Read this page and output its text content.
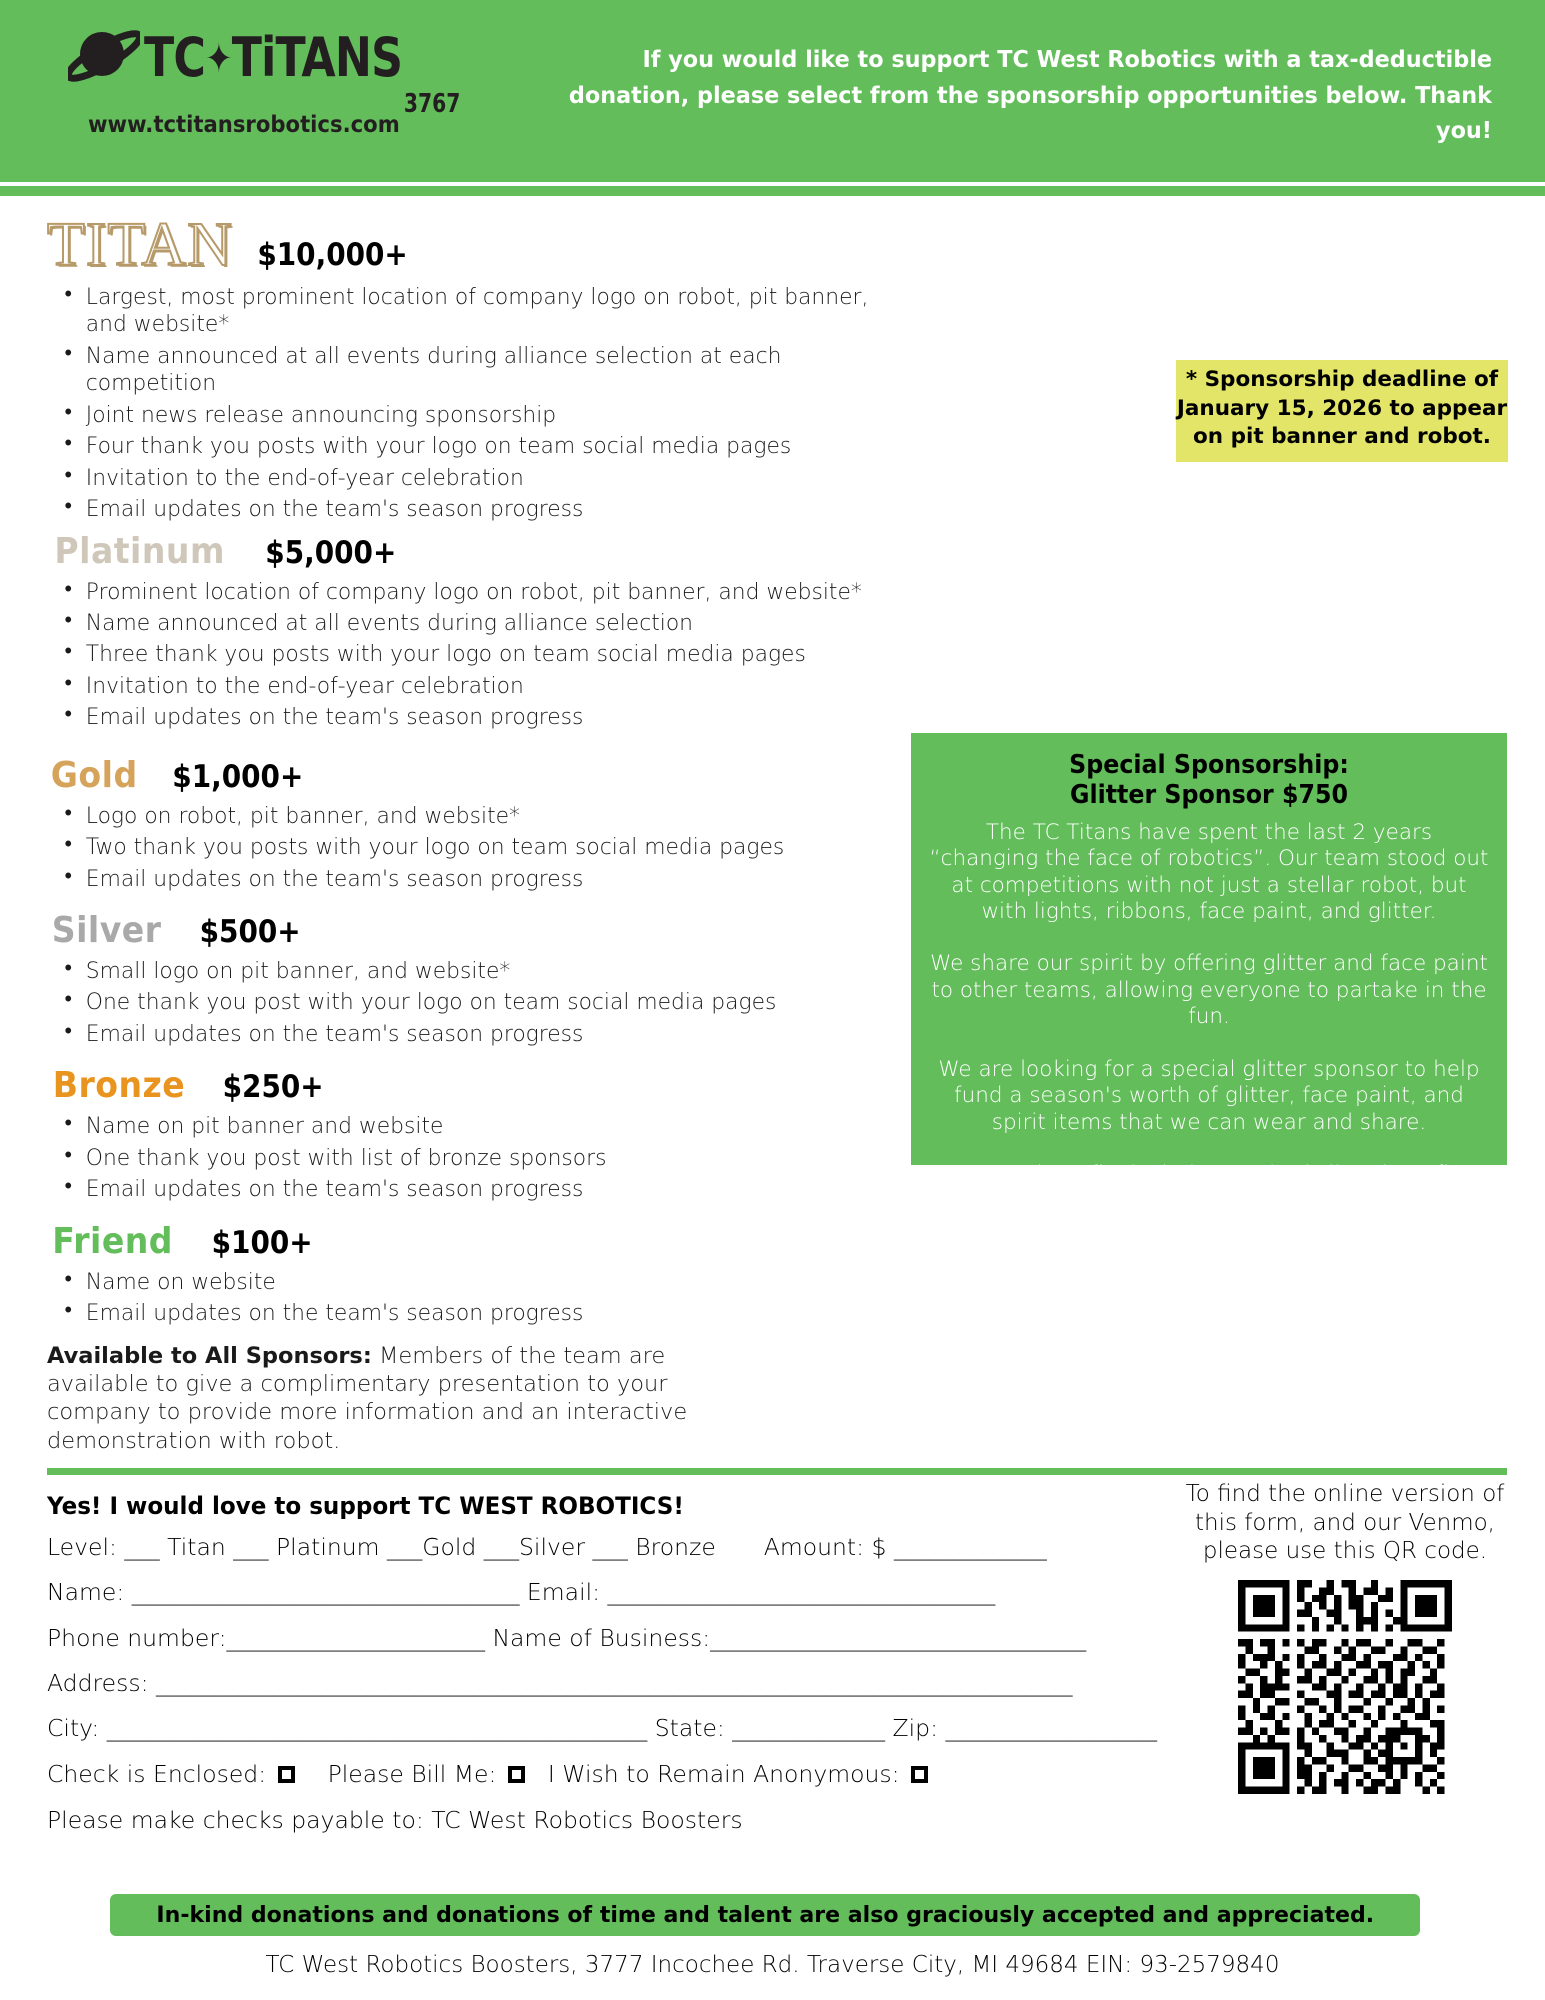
TC✦TiTANS
3767
www.tctitansrobotics.com

If you would like to support TC West Robotics with a tax-deductible donation, please select from the sponsorship opportunities below. Thank you!

TITAN $10,000+
• Largest, most prominent location of company logo on robot, pit banner, and website*
• Name announced at all events during alliance selection at each competition
• Joint news release announcing sponsorship
• Four thank you posts with your logo on team social media pages
• Invitation to the end-of-year celebration
• Email updates on the team's season progress
Platinum $5,000+
• Prominent location of company logo on robot, pit banner, and website*
• Name announced at all events during alliance selection
• Three thank you posts with your logo on team social media pages
• Invitation to the end-of-year celebration
• Email updates on the team's season progress
Gold $1,000+
• Logo on robot, pit banner, and website*
• Two thank you posts with your logo on team social media pages
• Email updates on the team's season progress
Silver $500+
• Small logo on pit banner, and website*
• One thank you post with your logo on team social media pages
• Email updates on the team's season progress
Bronze $250+
• Name on pit banner and website
• One thank you post with list of bronze sponsors
• Email updates on the team's season progress
Friend $100+
• Name on website
• Email updates on the team's season progress
Available to All Sponsors: Members of the team are available to give a complimentary presentation to your company to provide more information and an interactive demonstration with robot.

* Sponsorship deadline of January 15, 2026 to appear on pit banner and robot.

Special Sponsorship:
Glitter Sponsor $750

The TC Titans have spent the last 2 years “changing the face of robotics”. Our team stood out at competitions with not just a stellar robot, but with lights, ribbons, face paint, and glitter.

We share our spirit by offering glitter and face paint to other teams, allowing everyone to partake in the fun.

We are looking for a special glitter sponsor to help fund a season's worth of glitter, face paint, and spirit items that we can wear and share.

Sponsor benefits include standard silver benefits, plus logo recognition on our spirit aprons, and recognition in a spirit-themed social media reel.

Yes! I would love to support TC WEST ROBOTICS!
Level: ___ Titan ___ Platinum ___Gold ___Silver ___ Bronze Amount: $ _____________
Name: _________________________________ Email: _________________________________
Phone number:______________________ Name of Business:________________________________
Address: ______________________________________________________________________________
City: ______________________________________________ State: _____________ Zip: __________________
Check is Enclosed:	Please Bill Me: I Wish to Remain Anonymous:
Please make checks payable to: TC West Robotics Boosters

To find the online version of this form, and our Venmo, please use this QR code.

In-kind donations and donations of time and talent are also graciously accepted and appreciated.
TC West Robotics Boosters, 3777 Incochee Rd. Traverse City, MI 49684 EIN: 93-2579840
